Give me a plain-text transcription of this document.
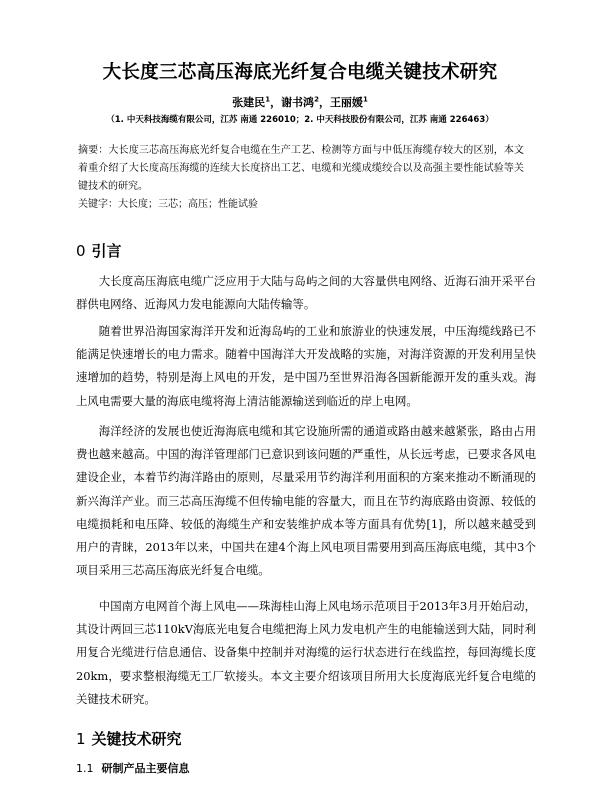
大长度三芯高压海底光纤复合电缆关键技术研究
张建民$^1$，谢书鸿$^2$，王丽媛$^1$
（1. 中天科技海缆有限公司，江苏 南通 226010；2. 中天科技股份有限公司，江苏 南通 226463）
摘要：大长度三芯高压海底光纤复合电缆在生产工艺、检测等方面与中低压海缆存较大的区别，本文着重介绍了大长度高压海缆的连续大长度挤出工艺、电缆和光缆成缆绞合以及高强主要性能试验等关键技术的研究。
关键字：大长度；三芯；高压；性能试验
0 引言

大长度高压海底电缆广泛应用于大陆与岛屿之间的大容量供电网络、近海石油开采平台群供电网络、近海风力发电能源向大陆传输等。

随着世界沿海国家海洋开发和近海岛屿的工业和旅游业的快速发展，中压海缆线路已不能满足快速增长的电力需求。随着中国海洋大开发战略的实施，对海洋资源的开发利用呈快速增加的趋势，特别是海上风电的开发，是中国乃至世界沿海各国新能源开发的重头戏。海上风电需要大量的海底电缆将海上清洁能源输送到临近的岸上电网。

海洋经济的发展也使近海海底电缆和其它设施所需的通道或路由越来越紧张，路由占用费也越来越高。中国的海洋管理部门已意识到该问题的严重性，从长远考虑，已要求各风电建设企业，本着节约海洋路由的原则，尽量采用节约海洋利用面积的方案来推动不断涌现的新兴海洋产业。而三芯高压海缆不但传输电能的容量大，而且在节约海底路由资源、较低的电缆损耗和电压降、较低的海缆生产和安装维护成本等方面具有优势[1]，所以越来越受到用户的青睐，2013年以来，中国共在建4个海上风电项目需要用到高压海底电缆，其中3个项目采用三芯高压海底光纤复合电缆。

中国南方电网首个海上风电——珠海桂山海上风电场示范项目于2013年3月开始启动，其设计两回三芯110kV海底光电复合电缆把海上风力发电机产生的电能输送到大陆，同时利用复合光缆进行信息通信、设备集中控制并对海缆的运行状态进行在线监控，每回海缆长度20km，要求整根海缆无工厂软接头。本文主要介绍该项目所用大长度海底光纤复合电缆的关键技术研究。

1 关键技术研究
1.1 研制产品主要信息
